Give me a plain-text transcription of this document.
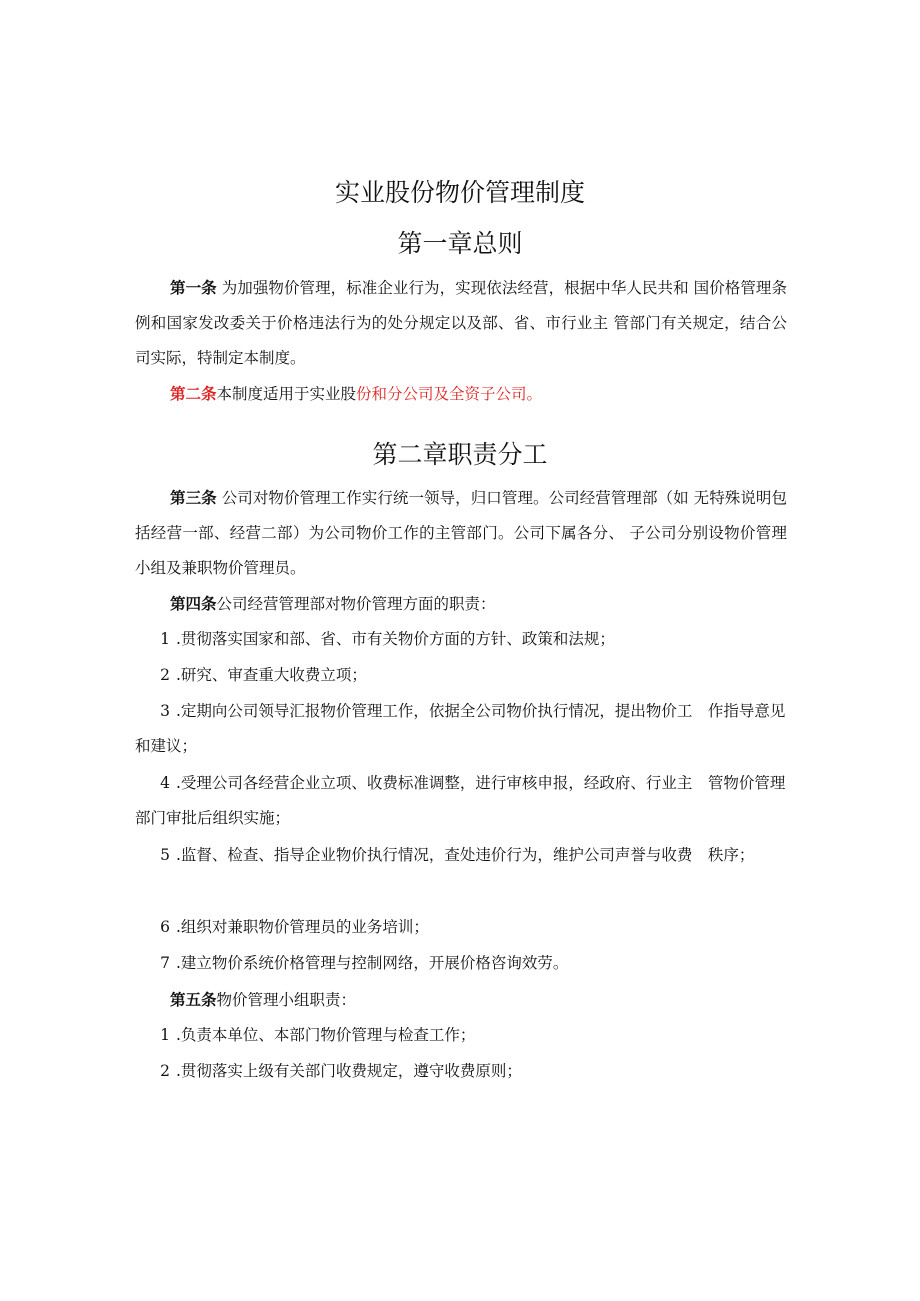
实业股份物价管理制度
第一章总则
第一条 为加强物价管理，标准企业行为，实现依法经营，根据中华人民共和 国价格管理条例和国家发改委关于价格违法行为的处分规定以及部、省、市行业主 管部门有关规定，结合公司实际，特制定本制度。
第二条本制度适用于实业股份和分公司及全资子公司。
第二章职责分工
第三条 公司对物价管理工作实行统一领导，归口管理。公司经营管理部（如 无特殊说明包括经营一部、经营二部）为公司物价工作的主管部门。公司下属各分、 子公司分别设物价管理小组及兼职物价管理员。
第四条公司经营管理部对物价管理方面的职责：
1 .贯彻落实国家和部、省、市有关物价方面的方针、政策和法规；
2 .研究、审查重大收费立项；
3 .定期向公司领导汇报物价管理工作，依据全公司物价执行情况，提出物价工　作指导意见和建议；
4 .受理公司各经营企业立项、收费标准调整，进行审核申报，经政府、行业主　管物价管理部门审批后组织实施；
5 .监督、检查、指导企业物价执行情况，查处违价行为，维护公司声誉与收费　秩序；
6 .组织对兼职物价管理员的业务培训；
7 .建立物价系统价格管理与控制网络，开展价格咨询效劳。
第五条物价管理小组职责：
1 .负责本单位、本部门物价管理与检查工作；
2 .贯彻落实上级有关部门收费规定，遵守收费原则；
